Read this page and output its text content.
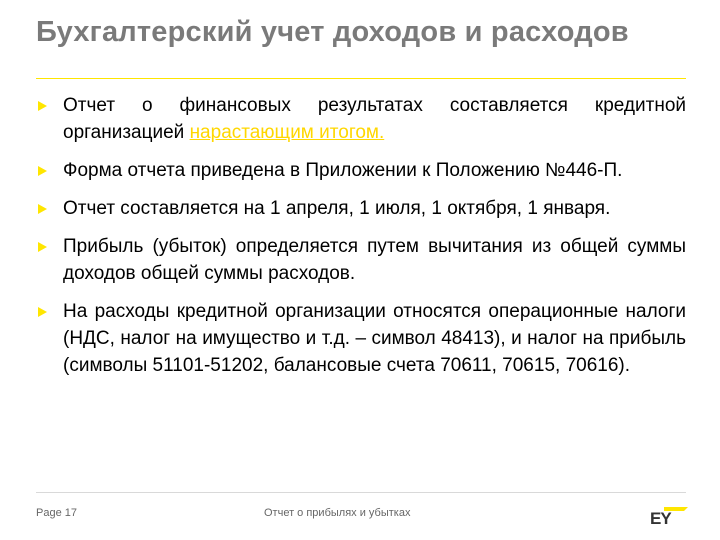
Бухгалтерский учет доходов и расходов
Отчет о финансовых результатах составляется кредитной организацией нарастающим итогом.
Форма отчета приведена в Приложении к Положению №446-П.
Отчет составляется на 1 апреля, 1 июля, 1 октября, 1 января.
Прибыль (убыток) определяется путем вычитания из общей суммы доходов общей суммы расходов.
На расходы кредитной организации относятся операционные налоги (НДС, налог на имущество и т.д. – символ 48413), и налог на прибыль (символы 51101-51202, балансовые счета 70611, 70615, 70616).
Page 17	Отчет о прибылях и убытках	EY
